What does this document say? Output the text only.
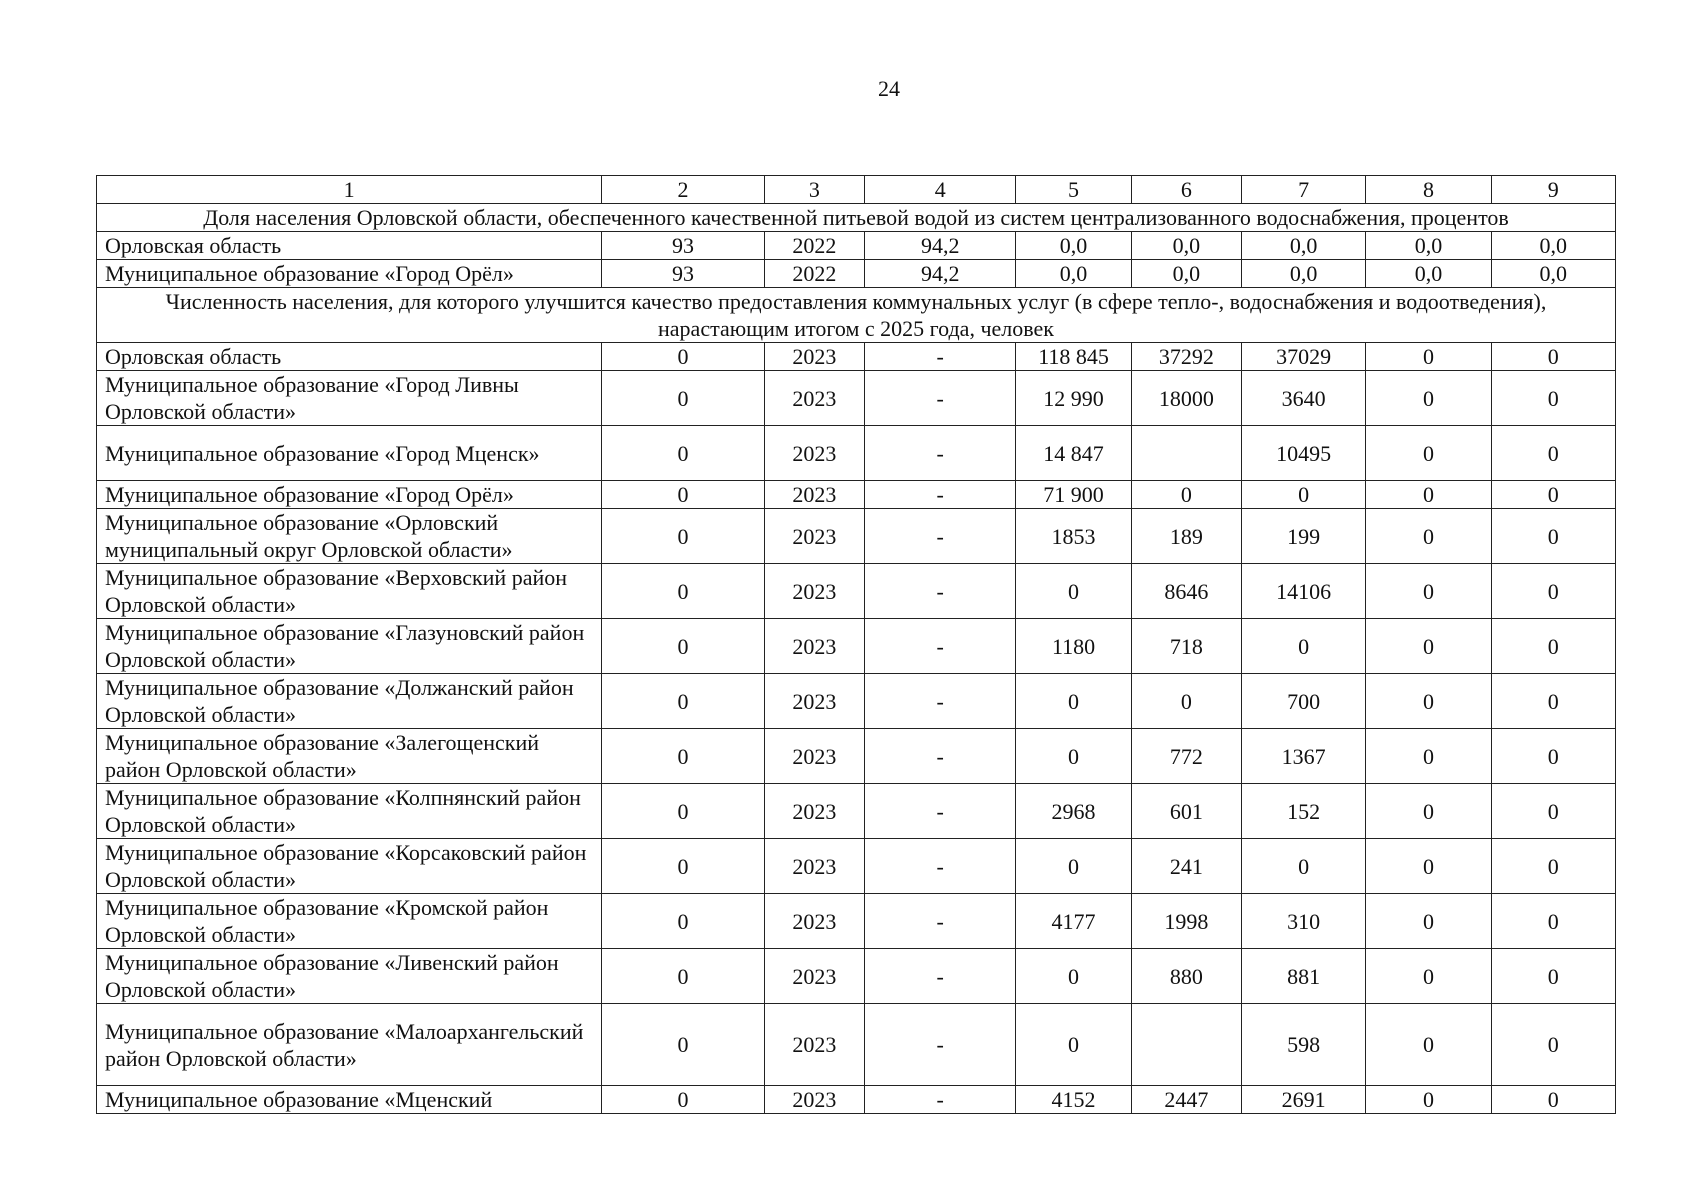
24
1	2	3	4	5	6	7	8	9
Доля населения Орловской области, обеспеченного качественной питьевой водой из систем централизованного водоснабжения, процентов								
Орловская область	93	2022	94,2	0,0	0,0	0,0	0,0	0,0
Муниципальное образование «Город Орёл»	93	2022	94,2	0,0	0,0	0,0	0,0	0,0
Численность населения, для которого улучшится качество предоставления коммунальных услуг (в сфере тепло-, водоснабжения и водоотведения), нарастающим итогом с 2025 года, человек								
Орловская область	0	2023	-	118 845	37292	37029	0	0
Муниципальное образование «Город Ливны Орловской области»	0	2023	-	12 990	18000	3640	0	0
Муниципальное образование «Город Мценск»	0	2023	-	14 847		10495	0	0
Муниципальное образование «Город Орёл»	0	2023	-	71 900	0	0	0	0
Муниципальное образование «Орловский муниципальный округ Орловской области»	0	2023	-	1853	189	199	0	0
Муниципальное образование «Верховский район Орловской области»	0	2023	-	0	8646	14106	0	0
Муниципальное образование «Глазуновский район Орловской области»	0	2023	-	1180	718	0	0	0
Муниципальное образование «Должанский район Орловской области»	0	2023	-	0	0	700	0	0
Муниципальное образование «Залегощенский район Орловской области»	0	2023	-	0	772	1367	0	0
Муниципальное образование «Колпнянский район Орловской области»	0	2023	-	2968	601	152	0	0
Муниципальное образование «Корсаковский район Орловской области»	0	2023	-	0	241	0	0	0
Муниципальное образование «Кромской район Орловской области»	0	2023	-	4177	1998	310	0	0
Муниципальное образование «Ливенский район Орловской области»	0	2023	-	0	880	881	0	0
Муниципальное образование «Малоархангельский район Орловской области»	0	2023	-	0		598	0	0
Муниципальное образование «Мценский	0	2023	-	4152	2447	2691	0	0
